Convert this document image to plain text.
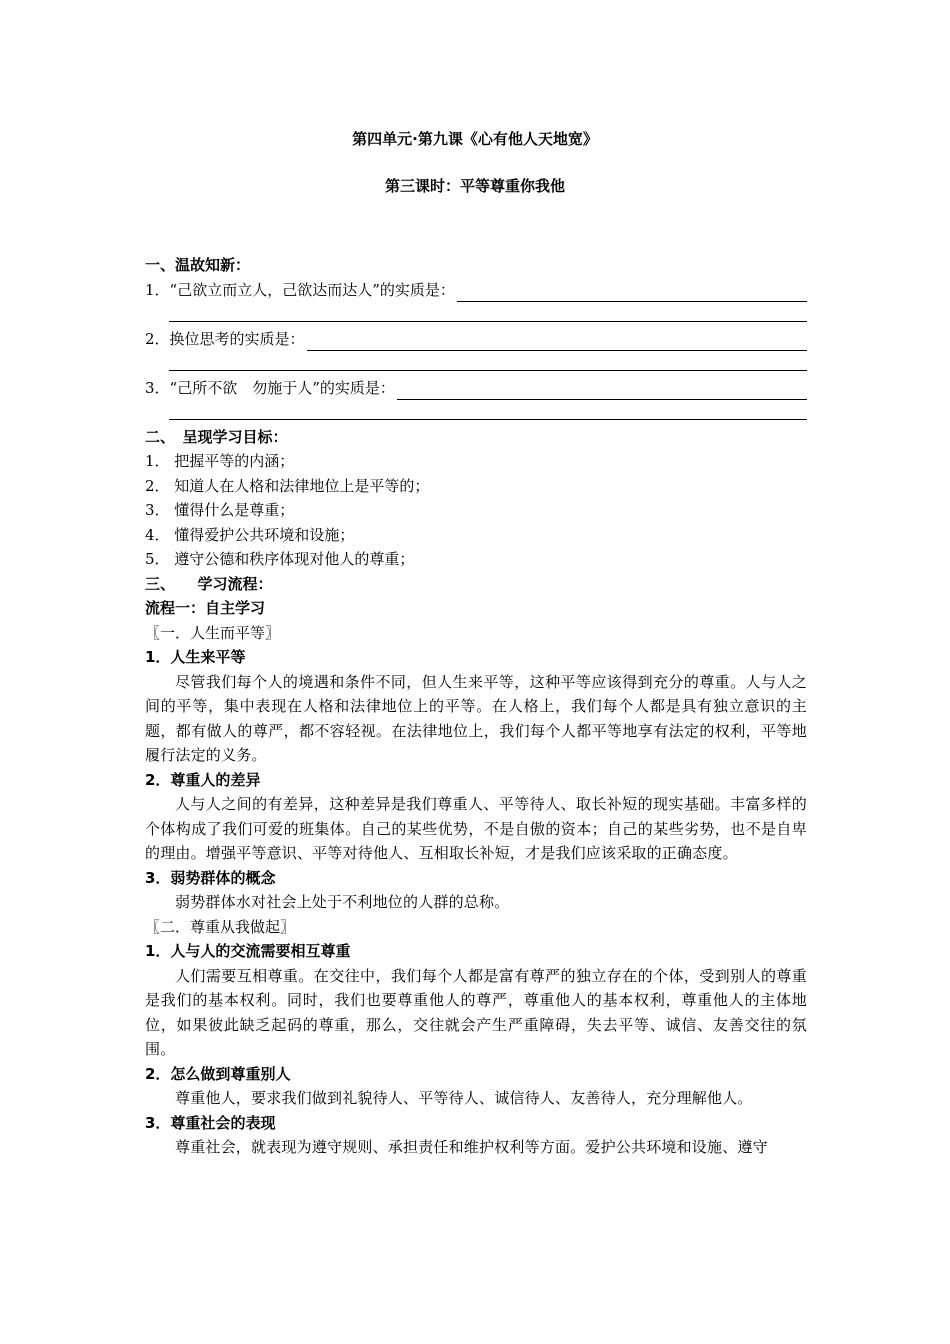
第四单元·第九课《心有他人天地宽》
第三课时：平等尊重你我他
一、温故知新：
1．“己欲立而立人，己欲达而达人”的实质是：
2．换位思考的实质是：
3．“己所不欲　勿施于人”的实质是：
二、　呈现学习目标：
1． 把握平等的内涵；
2． 知道人在人格和法律地位上是平等的；
3． 懂得什么是尊重；
4． 懂得爱护公共环境和设施；
5． 遵守公德和秩序体现对他人的尊重；
三、　　学习流程：
流程一：自主学习
〖一．人生而平等〗
1．人生来平等

尽管我们每个人的境遇和条件不同，但人生来平等，这种平等应该得到充分的尊重。人与人之间的平等，集中表现在人格和法律地位上的平等。在人格上，我们每个人都是具有独立意识的主题，都有做人的尊严，都不容轻视。在法律地位上，我们每个人都平等地享有法定的权利，平等地履行法定的义务。

2．尊重人的差异

人与人之间的有差异，这种差异是我们尊重人、平等待人、取长补短的现实基础。丰富多样的个体构成了我们可爱的班集体。自己的某些优势，不是自傲的资本；自己的某些劣势，也不是自卑的理由。增强平等意识、平等对待他人、互相取长补短，才是我们应该采取的正确态度。

3．弱势群体的概念

弱势群体水对社会上处于不利地位的人群的总称。

〖二．尊重从我做起〗
1．人与人的交流需要相互尊重

人们需要互相尊重。在交往中，我们每个人都是富有尊严的独立存在的个体，受到别人的尊重是我们的基本权利。同时，我们也要尊重他人的尊严，尊重他人的基本权利，尊重他人的主体地位，如果彼此缺乏起码的尊重，那么，交往就会产生严重障碍，失去平等、诚信、友善交往的氛围。

2．怎么做到尊重别人

尊重他人，要求我们做到礼貌待人、平等待人、诚信待人、友善待人，充分理解他人。

3．尊重社会的表现

尊重社会，就表现为遵守规则、承担责任和维护权利等方面。爱护公共环境和设施、遵守
